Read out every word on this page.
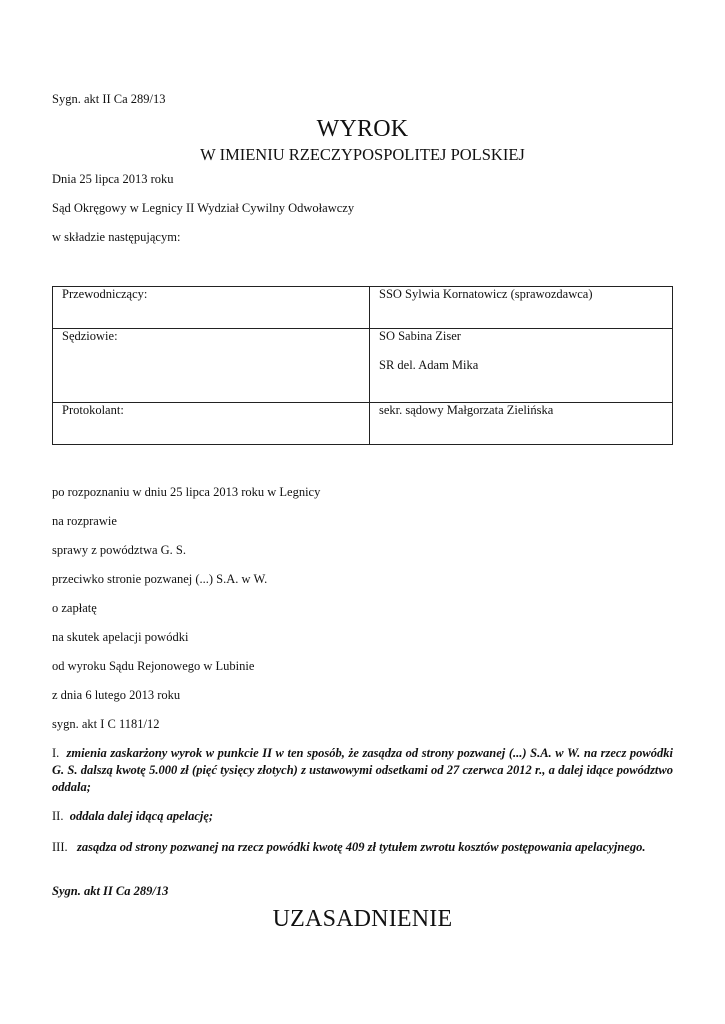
Sygn. akt II Ca 289/13
WYROK
W IMIENIU RZECZYPOSPOLITEJ POLSKIEJ
Dnia 25 lipca 2013 roku
Sąd Okręgowy w Legnicy II Wydział Cywilny Odwoławczy
w składzie następującym:
Przewodniczący:	SSO Sylwia Kornatowicz (sprawozdawca)

Sędziowie:	SO Sabina Ziser
SR del. Adam Mika

Protokolant:	sekr. sądowy Małgorzata Zielińska
po rozpoznaniu w dniu 25 lipca 2013 roku w Legnicy
na rozprawie
sprawy z powództwa G. S.
przeciwko stronie pozwanej (...) S.A. w W.
o zapłatę
na skutek apelacji powódki
od wyroku Sądu Rejonowego w Lubinie
z dnia 6 lutego 2013 roku
sygn. akt I C 1181/12
I. zmienia zaskarżony wyrok w punkcie II w ten sposób, że zasądza od strony pozwanej (...) S.A. w W. na rzecz powódki G. S. dalszą kwotę 5.000 zł (pięć tysięcy złotych) z ustawowymi odsetkami od 27 czerwca 2012 r., a dalej idące powództwo oddala;
II. oddala dalej idącą apelację;
III. zasądza od strony pozwanej na rzecz powódki kwotę 409 zł tytułem zwrotu kosztów postępowania apelacyjnego.
Sygn. akt II Ca 289/13
UZASADNIENIE
